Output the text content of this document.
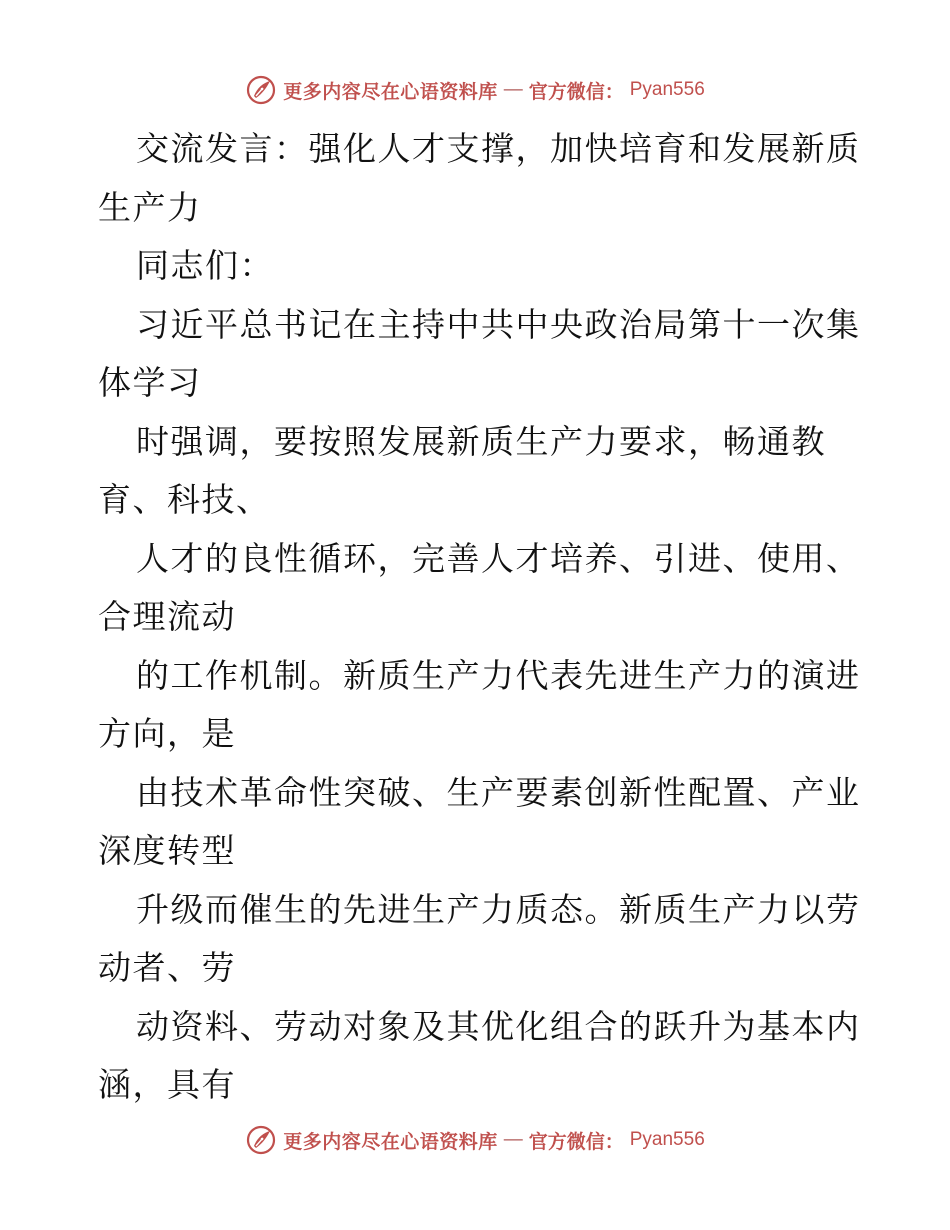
更多内容尽在心语资料库 — 官方微信： Pyan556
交流发言：强化人才支撑，加快培育和发展新质
生产力
同志们：
习近平总书记在主持中共中央政治局第十一次集
体学习
时强调，要按照发展新质生产力要求，畅通教
育、科技、
人才的良性循环，完善人才培养、引进、使用、
合理流动
的工作机制。新质生产力代表先进生产力的演进
方向，是
由技术革命性突破、生产要素创新性配置、产业
深度转型
升级而催生的先进生产力质态。新质生产力以劳
动者、劳
动资料、劳动对象及其优化组合的跃升为基本内
涵，具有
更多内容尽在心语资料库 — 官方微信： Pyan556
